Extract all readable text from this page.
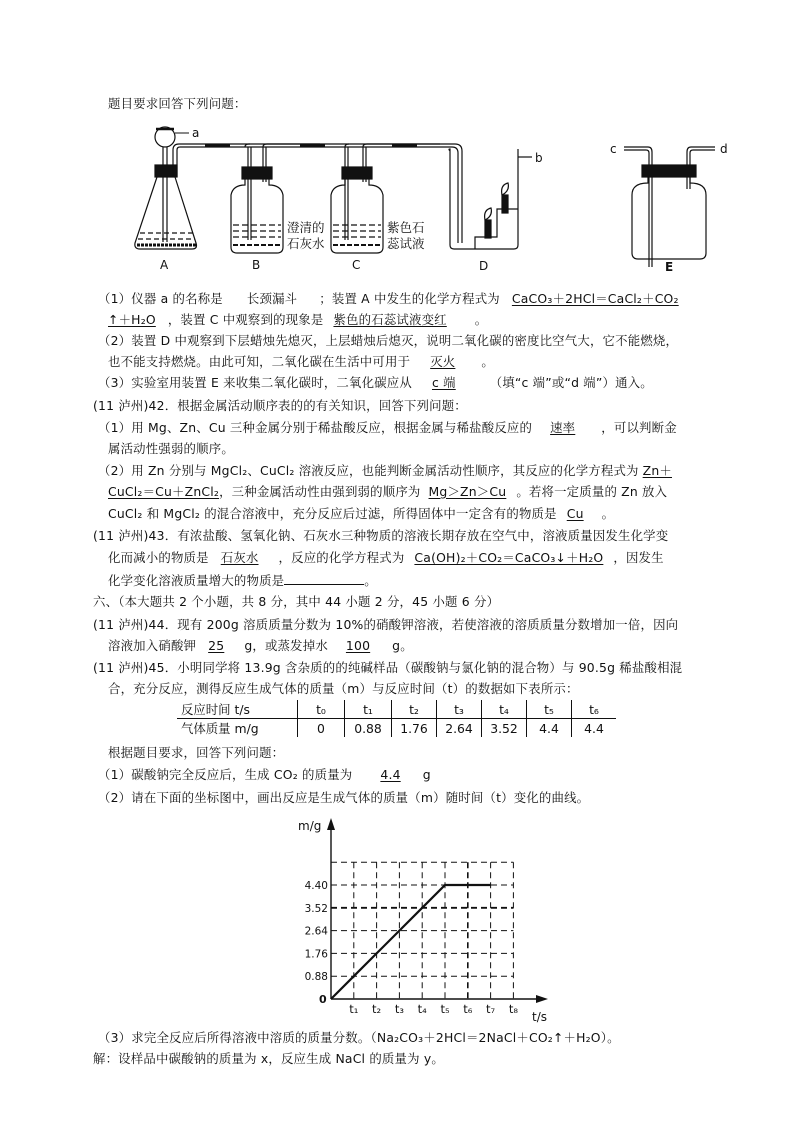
题目要求回答下列问题：
a
b
c	d
A	B	C	D	E
澄清的
石灰水
紫色石
蕊试液
（1）仪器 a 的名称是 长颈漏斗 ；装置 A 中发生的化学方程式为 CaCO₃＋2HCl＝CaCl₂＋CO₂
↑＋H₂O ，装置 C 中观察到的现象是 紫色的石蕊试液变红 。
（2）装置 D 中观察到下层蜡烛先熄灭，上层蜡烛后熄灭，说明二氧化碳的密度比空气大，它不能燃烧，
也不能支持燃烧。由此可知，二氧化碳在生活中可用于 灭火 。
（3）实验室用装置 E 来收集二氧化碳时，二氧化碳应从 c 端	（填“c 端”或“d 端”）通入。
(11 泸州)42．根据金属活动顺序表的的有关知识，回答下列问题：
（1）用 Mg、Zn、Cu 三种金属分别于稀盐酸反应，根据金属与稀盐酸反应的 速率 ，可以判断金
属活动性强弱的顺序。
（2）用 Zn 分别与 MgCl₂、CuCl₂ 溶液反应，也能判断金属活动性顺序，其反应的化学方程式为 Zn＋
CuCl₂＝Cu＋ZnCl₂，三种金属活动性由强到弱的顺序为 Mg＞Zn＞Cu 。若将一定质量的 Zn 放入
CuCl₂ 和 MgCl₂ 的混合溶液中，充分反应后过滤，所得固体中一定含有的物质是 Cu 。
(11 泸州)43．有浓盐酸、氢氧化钠、石灰水三种物质的溶液长期存放在空气中，溶液质量因发生化学变
化而减小的物质是 石灰水 ，反应的化学方程式为 Ca(OH)₂＋CO₂＝CaCO₃↓＋H₂O ，因发生
化学变化溶液质量增大的物质是	。
六、（本大题共 2 个小题，共 8 分，其中 44 小题 2 分，45 小题 6 分）
(11 泸州)44．现有 200g 溶质质量分数为 10%的硝酸钾溶液，若使溶液的溶质质量分数增加一倍，因向
溶液加入硝酸钾 25 g，或蒸发掉水 100 g。
(11 泸州)45．小明同学将 13.9g 含杂质的的纯碱样品（碳酸钠与氯化钠的混合物）与 90.5g 稀盐酸相混
合，充分反应，测得反应生成气体的质量（m）与反应时间（t）的数据如下表所示：
反应时间 t/s	t₀	t₁	t₂	t₃	t₄	t₅	t₆
气体质量 m/g	0	0.88	1.76	2.64	3.52	4.4	4.4
根据题目要求，回答下列问题：
（1）碳酸钠完全反应后，生成 CO₂ 的质量为 4.4 g
（2）请在下面的坐标图中，画出反应是生成气体的质量（m）随时间（t）变化的曲线。
m/g
t/s
0
0.88
1.76
2.64
3.52
4.40
t₁ t₂ t₃ t₄ t₅ t₆ t₇ t₈
（3）求完全反应后所得溶液中溶质的质量分数。（Na₂CO₃＋2HCl＝2NaCl＋CO₂↑＋H₂O）。
解：设样品中碳酸钠的质量为 x，反应生成 NaCl 的质量为 y。
